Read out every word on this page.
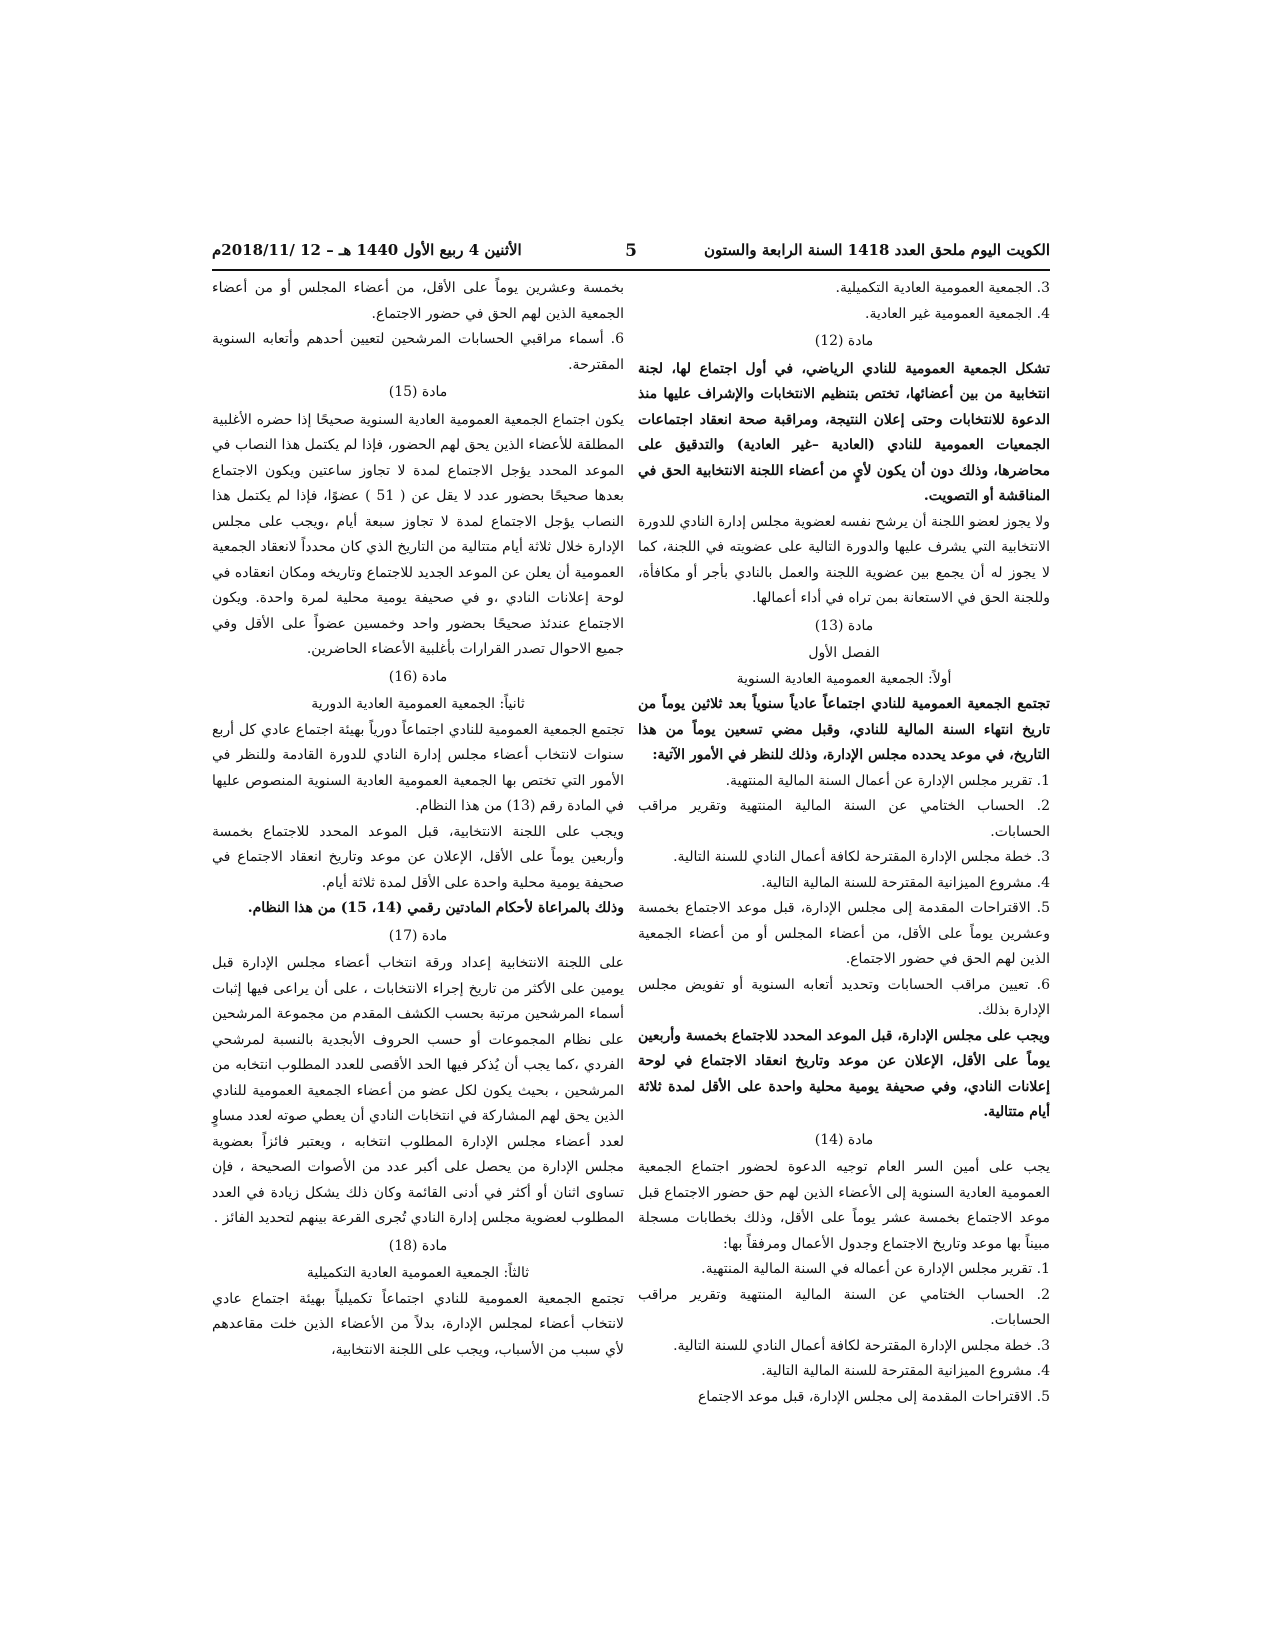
الكويت اليوم ملحق العدد 1418 السنة الرابعة والستون
5
الأثنين 4 ربيع الأول 1440 هـ – 12 /2018/11م

3. الجمعية العمومية العادية التكميلية.

4. الجمعية العمومية غير العادية.

مادة (12)

تشكل الجمعية العمومية للنادي الرياضي، في أول اجتماع لها، لجنة انتخابية من بين أعضائها، تختص بتنظيم الانتخابات والإشراف عليها منذ الدعوة للانتخابات وحتى إعلان النتيجة، ومراقبة صحة انعقاد اجتماعات الجمعيات العمومية للنادي (العادية –غير العادية) والتدقيق على محاضرها، وذلك دون أن يكون لأيٍ من أعضاء اللجنة الانتخابية الحق في المناقشة أو التصويت.

ولا يجوز لعضو اللجنة أن يرشح نفسه لعضوية مجلس إدارة النادي للدورة الانتخابية التي يشرف عليها والدورة التالية على عضويته في اللجنة، كما لا يجوز له أن يجمع بين عضوية اللجنة والعمل بالنادي بأجر أو مكافأة، وللجنة الحق في الاستعانة بمن تراه في أداء أعمالها.

مادة (13)

الفصل الأول

أولاً: الجمعية العمومية العادية السنوية

تجتمع الجمعية العمومية للنادي اجتماعاً عادياً سنوياً بعد ثلاثين يوماً من تاريخ انتهاء السنة المالية للنادي، وقبل مضي تسعين يوماً من هذا التاريخ، في موعد يحدده مجلس الإدارة، وذلك للنظر في الأمور الآتية:

1. تقرير مجلس الإدارة عن أعمال السنة المالية المنتهية.

2. الحساب الختامي عن السنة المالية المنتهية وتقرير مراقب الحسابات.

3. خطة مجلس الإدارة المقترحة لكافة أعمال النادي للسنة التالية.

4. مشروع الميزانية المقترحة للسنة المالية التالية.

5. الاقتراحات المقدمة إلى مجلس الإدارة، قبل موعد الاجتماع بخمسة وعشرين يوماً على الأقل، من أعضاء المجلس أو من أعضاء الجمعية الذين لهم الحق في حضور الاجتماع.

6. تعيين مراقب الحسابات وتحديد أتعابه السنوية أو تفويض مجلس الإدارة بذلك.

ويجب على مجلس الإدارة، قبل الموعد المحدد للاجتماع بخمسة وأربعين يوماً على الأقل، الإعلان عن موعد وتاريخ انعقاد الاجتماع في لوحة إعلانات النادي، وفي صحيفة يومية محلية واحدة على الأقل لمدة ثلاثة أيام متتالية.

مادة (14)

يجب على أمين السر العام توجيه الدعوة لحضور اجتماع الجمعية العمومية العادية السنوية إلى الأعضاء الذين لهم حق حضور الاجتماع قبل موعد الاجتماع بخمسة عشر يوماً على الأقل، وذلك بخطابات مسجلة مبيناً بها موعد وتاريخ الاجتماع وجدول الأعمال ومرفقاً بها:

1. تقرير مجلس الإدارة عن أعماله في السنة المالية المنتهية.

2. الحساب الختامي عن السنة المالية المنتهية وتقرير مراقب الحسابات.

3. خطة مجلس الإدارة المقترحة لكافة أعمال النادي للسنة التالية.

4. مشروع الميزانية المقترحة للسنة المالية التالية.

5. الاقتراحات المقدمة إلى مجلس الإدارة، قبل موعد الاجتماع

بخمسة وعشرين يوماً على الأقل، من أعضاء المجلس أو من أعضاء الجمعية الذين لهم الحق في حضور الاجتماع.

6. أسماء مراقبي الحسابات المرشحين لتعيين أحدهم وأتعابه السنوية المقترحة.

مادة (15)

يكون اجتماع الجمعية العمومية العادية السنوية صحيحًا إذا حضره الأغلبية المطلقة للأعضاء الذين يحق لهم الحضور، فإذا لم يكتمل هذا النصاب في الموعد المحدد يؤجل الاجتماع لمدة لا تجاوز ساعتين ويكون الاجتماع بعدها صحيحًا بحضور عدد لا يقل عن ( 51 ) عضوًا، فإذا لم يكتمل هذا النصاب يؤجل الاجتماع لمدة لا تجاوز سبعة أيام ،ويجب على مجلس الإدارة خلال ثلاثة أيام متتالية من التاريخ الذي كان محدداً لانعقاد الجمعية العمومية أن يعلن عن الموعد الجديد للاجتماع وتاريخه ومكان انعقاده في لوحة إعلانات النادي ،و في صحيفة يومية محلية لمرة واحدة. ويكون الاجتماع عندئذ صحيحًا بحضور واحد وخمسين عضواً على الأقل وفي جميع الاحوال تصدر القرارات بأغلبية الأعضاء الحاضرين.

مادة (16)

ثانياً: الجمعية العمومية العادية الدورية

تجتمع الجمعية العمومية للنادي اجتماعاً دورياً بهيئة اجتماع عادي كل أربع سنوات لانتخاب أعضاء مجلس إدارة النادي للدورة القادمة وللنظر في الأمور التي تختص بها الجمعية العمومية العادية السنوية المنصوص عليها في المادة رقم (13) من هذا النظام.

ويجب على اللجنة الانتخابية، قبل الموعد المحدد للاجتماع بخمسة وأربعين يوماً على الأقل، الإعلان عن موعد وتاريخ انعقاد الاجتماع في صحيفة يومية محلية واحدة على الأقل لمدة ثلاثة أيام.

وذلك بالمراعاة لأحكام المادتين رقمي (14، 15) من هذا النظام.

مادة (17)

على اللجنة الانتخابية إعداد ورقة انتخاب أعضاء مجلس الإدارة قبل يومين على الأكثر من تاريخ إجراء الانتخابات ، على أن يراعى فيها إثبات أسماء المرشحين مرتبة بحسب الكشف المقدم من مجموعة المرشحين على نظام المجموعات أو حسب الحروف الأبجدية بالنسبة لمرشحي الفردي ،كما يجب أن يُذكر فيها الحد الأقصى للعدد المطلوب انتخابه من المرشحين ، بحيث يكون لكل عضو من أعضاء الجمعية العمومية للنادي الذين يحق لهم المشاركة في انتخابات النادي أن يعطي صوته لعدد مساوٍ لعدد أعضاء مجلس الإدارة المطلوب انتخابه ، ويعتبر فائزاً بعضوية مجلس الإدارة من يحصل على أكبر عدد من الأصوات الصحيحة ، فإن تساوى اثنان أو أكثر في أدنى القائمة وكان ذلك يشكل زيادة في العدد المطلوب لعضوية مجلس إدارة النادي تُجرى القرعة بينهم لتحديد الفائز .

مادة (18)

ثالثاً: الجمعية العمومية العادية التكميلية

تجتمع الجمعية العمومية للنادي اجتماعاً تكميلياً بهيئة اجتماع عادي لانتخاب أعضاء لمجلس الإدارة، بدلاً من الأعضاء الذين خلت مقاعدهم لأي سبب من الأسباب، ويجب على اللجنة الانتخابية،
